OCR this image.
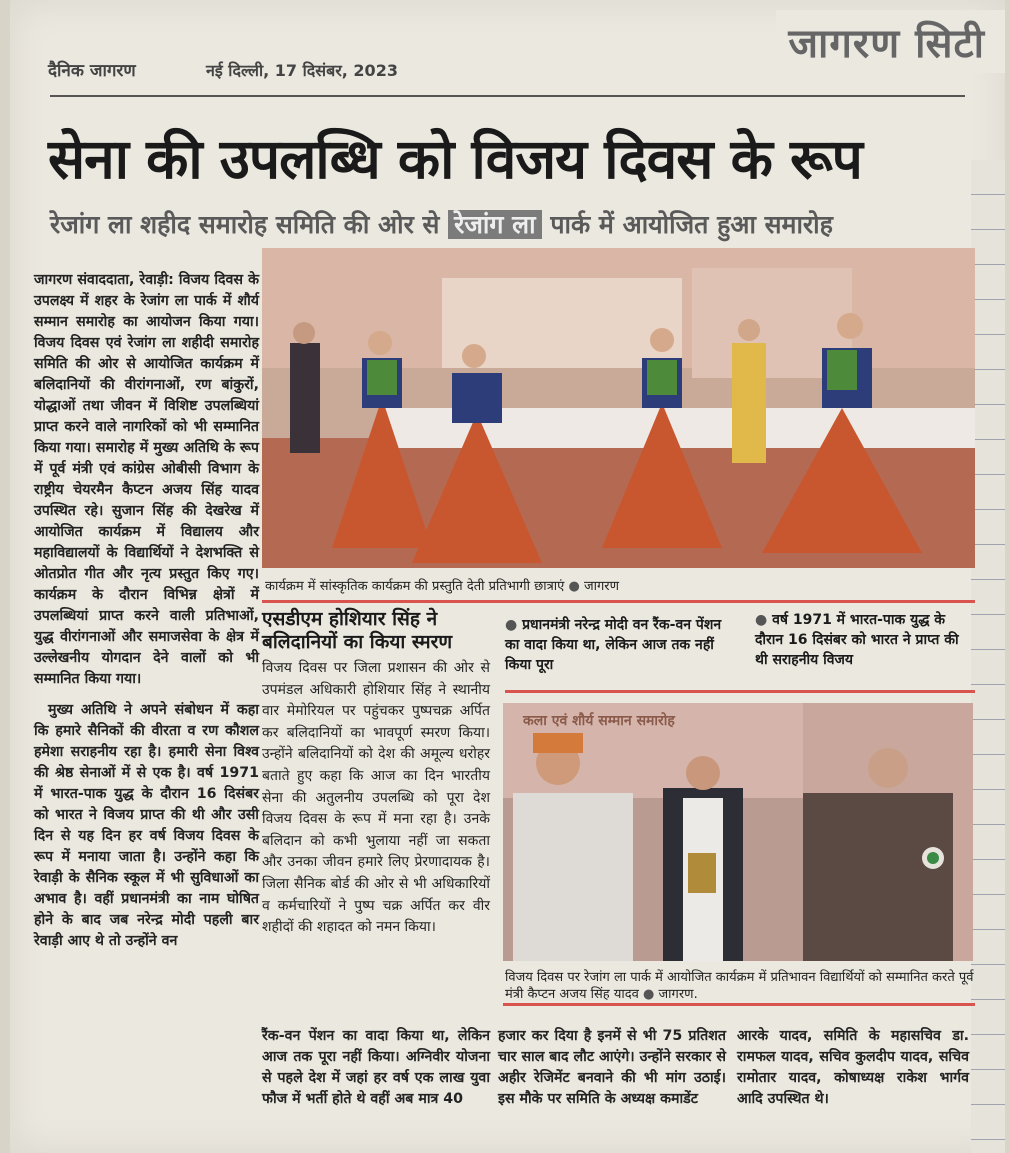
दैनिक जागरण	नई दिल्ली, 17 दिसंबर, 2023
जागरण सिटी
सेना की उपलब्धि को विजय दिवस के रूप
रेजांग ला शहीद समारोह समिति की ओर से रेजांग ला पार्क में आयोजित हुआ समारोह

जागरण संवाददाता, रेवाड़ी: विजय दिवस के उपलक्ष्य में शहर के रेजांग ला पार्क में शौर्य सम्मान समारोह का आयोजन किया गया। विजय दिवस एवं रेजांग ला शहीदी समारोह समिति की ओर से आयोजित कार्यक्रम में बलिदानियों की वीरांगनाओं, रण बांकुरों, योद्धाओं तथा जीवन में विशिष्ट उपलब्धियां प्राप्त करने वाले नागरिकों को भी सम्मानित किया गया। समारोह में मुख्य अतिथि के रूप में पूर्व मंत्री एवं कांग्रेस ओबीसी विभाग के राष्ट्रीय चेयरमैन कैप्टन अजय सिंह यादव उपस्थित रहे। सुजान सिंह की देखरेख में आयोजित कार्यक्रम में विद्यालय और महाविद्यालयों के विद्यार्थियों ने देशभक्ति से ओतप्रोत गीत और नृत्य प्रस्तुत किए गए। कार्यक्रम के दौरान विभिन्न क्षेत्रों में उपलब्धियां प्राप्त करने वाली प्रतिभाओं, युद्ध वीरांगनाओं और समाजसेवा के क्षेत्र में उल्लेखनीय योगदान देने वालों को भी सम्मानित किया गया।

मुख्य अतिथि ने अपने संबोधन में कहा कि हमारे सैनिकों की वीरता व रण कौशल हमेशा सराहनीय रहा है। हमारी सेना विश्व की श्रेष्ठ सेनाओं में से एक है। वर्ष 1971 में भारत-पाक युद्ध के दौरान 16 दिसंबर को भारत ने विजय प्राप्त की थी और उसी दिन से यह दिन हर वर्ष विजय दिवस के रूप में मनाया जाता है। उन्होंने कहा कि रेवाड़ी के सैनिक स्कूल में भी सुविधाओं का अभाव है। वहीं प्रधानमंत्री का नाम घोषित होने के बाद जब नरेन्द्र मोदी पहली बार रेवाड़ी आए थे तो उन्होंने वन

कार्यक्रम में सांस्कृतिक कार्यक्रम की प्रस्तुति देती प्रतिभागी छात्राएं ● जागरण
एसडीएम होशियार सिंह ने बलिदानियों का किया स्मरण
विजय दिवस पर जिला प्रशासन की ओर से उपमंडल अधिकारी होशियार सिंह ने स्थानीय वार मेमोरियल पर पहुंचकर पुष्पचक्र अर्पित कर बलिदानियों का भावपूर्ण स्मरण किया। उन्होंने बलिदानियों को देश की अमूल्य धरोहर बताते हुए कहा कि आज का दिन भारतीय सेना की अतुलनीय उपलब्धि को पूरा देश विजय दिवस के रूप में मना रहा है। उनके बलिदान को कभी भुलाया नहीं जा सकता और उनका जीवन हमारे लिए प्रेरणादायक है। जिला सैनिक बोर्ड की ओर से भी अधिकारियों व कर्मचारियों ने पुष्प चक्र अर्पित कर वीर शहीदों की शहादत को नमन किया।
● प्रधानमंत्री नरेन्द्र मोदी वन रैंक-वन पेंशन का वादा किया था, लेकिन आज तक नहीं किया पूरा
● वर्ष 1971 में भारत-पाक युद्ध के दौरान 16 दिसंबर को भारत ने प्राप्त की थी सराहनीय विजय
कला एवं शौर्य सम्मान समारोह
विजय दिवस पर रेजांग ला पार्क में आयोजित कार्यक्रम में प्रतिभावन विद्यार्थियों को सम्मानित करते पूर्व मंत्री कैप्टन अजय सिंह यादव ● जागरण.
रैंक-वन पेंशन का वादा किया था, लेकिन आज तक पूरा नहीं किया। अग्निवीर योजना से पहले देश में जहां हर वर्ष एक लाख युवा फौज में भर्ती होते थे वहीं अब मात्र 40
हजार कर दिया है इनमें से भी 75 प्रतिशत चार साल बाद लौट आएंगे। उन्होंने सरकार से अहीर रेजिमेंट बनवाने की भी मांग उठाई। इस मौके पर समिति के अध्यक्ष कमाडेंट
आरके यादव, समिति के महासचिव डा. रामफल यादव, सचिव कुलदीप यादव, सचिव रामोतार यादव, कोषाध्यक्ष राकेश भार्गव आदि उपस्थित थे।
